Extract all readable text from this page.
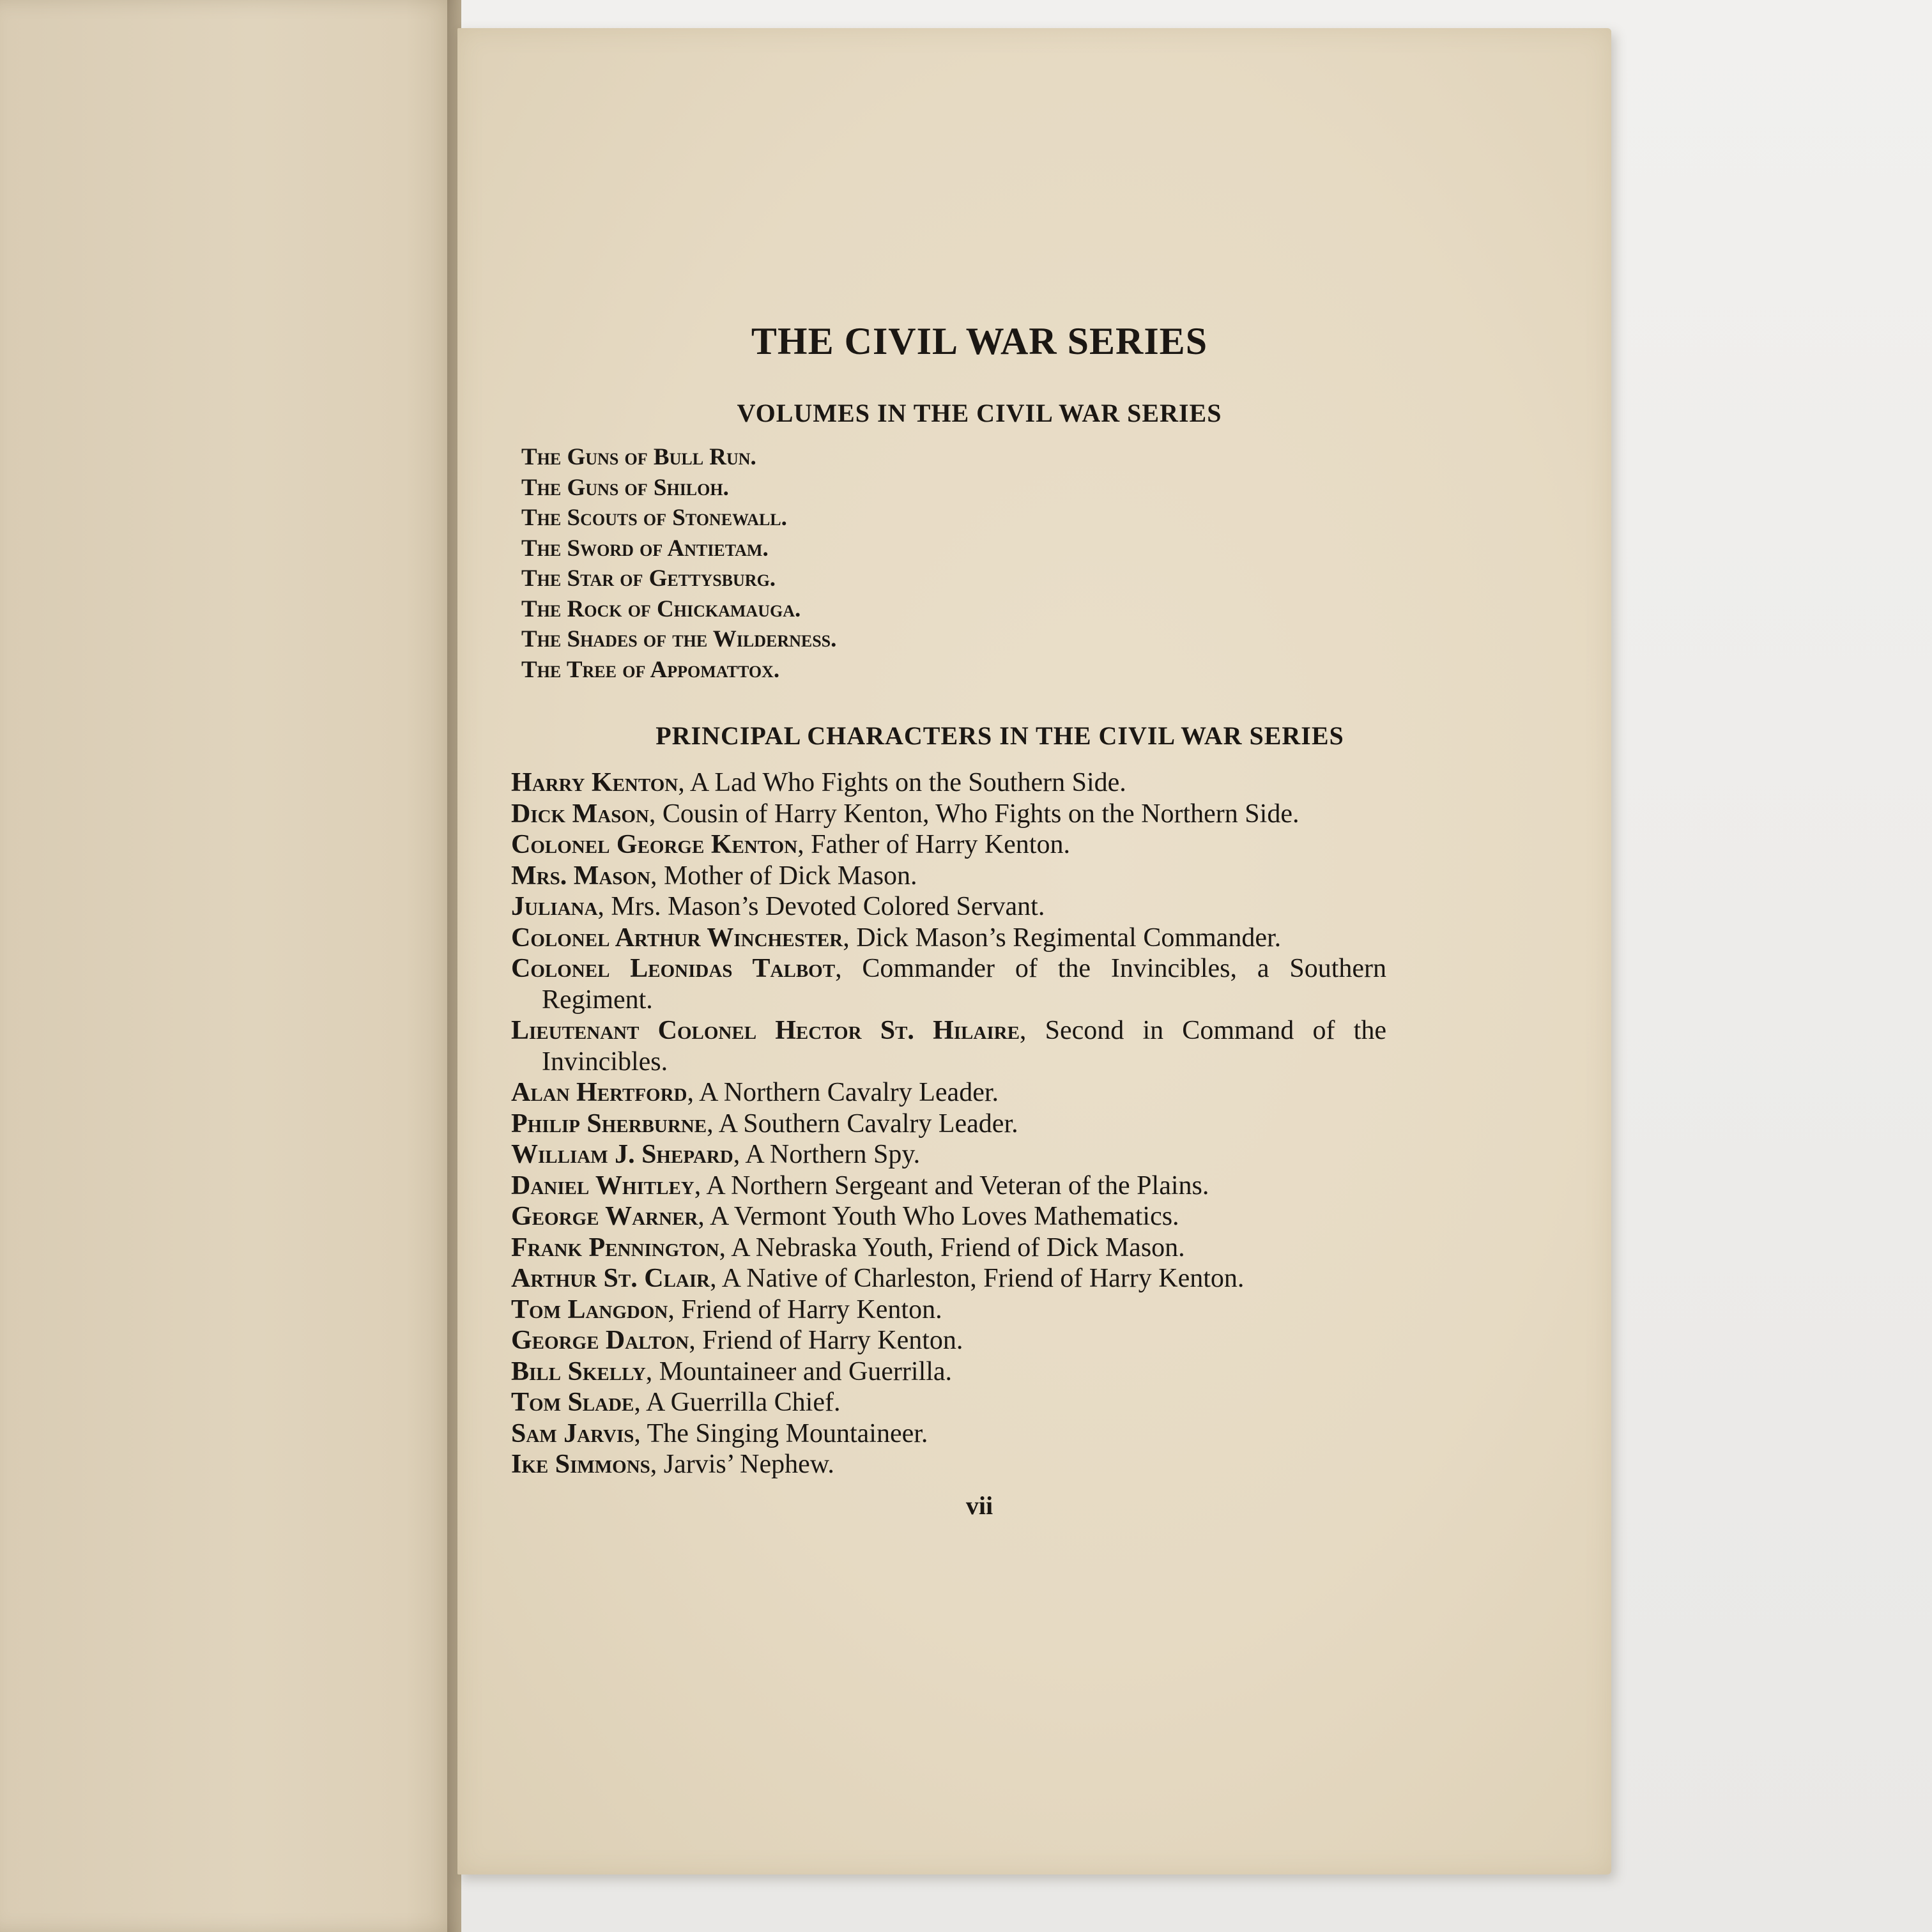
THE CIVIL WAR SERIES
VOLUMES IN THE CIVIL WAR SERIES
The Guns of Bull Run.
The Guns of Shiloh.
The Scouts of Stonewall.
The Sword of Antietam.
The Star of Gettysburg.
The Rock of Chickamauga.
The Shades of the Wilderness.
The Tree of Appomattox.
PRINCIPAL CHARACTERS IN THE CIVIL WAR SERIES
Harry Kenton, A Lad Who Fights on the Southern Side.
Dick Mason, Cousin of Harry Kenton, Who Fights on the Northern Side.
Colonel George Kenton, Father of Harry Kenton.
Mrs. Mason, Mother of Dick Mason.
Juliana, Mrs. Mason’s Devoted Colored Servant.
Colonel Arthur Winchester, Dick Mason’s Regimental Commander.
Colonel Leonidas Talbot, Commander of the Invincibles, a Southern Regiment.
Lieutenant Colonel Hector St. Hilaire, Second in Command of the Invincibles.
Alan Hertford, A Northern Cavalry Leader.
Philip Sherburne, A Southern Cavalry Leader.
William J. Shepard, A Northern Spy.
Daniel Whitley, A Northern Sergeant and Veteran of the Plains.
George Warner, A Vermont Youth Who Loves Mathematics.
Frank Pennington, A Nebraska Youth, Friend of Dick Mason.
Arthur St. Clair, A Native of Charleston, Friend of Harry Kenton.
Tom Langdon, Friend of Harry Kenton.
George Dalton, Friend of Harry Kenton.
Bill Skelly, Mountaineer and Guerrilla.
Tom Slade, A Guerrilla Chief.
Sam Jarvis, The Singing Mountaineer.
Ike Simmons, Jarvis’ Nephew.
vii
